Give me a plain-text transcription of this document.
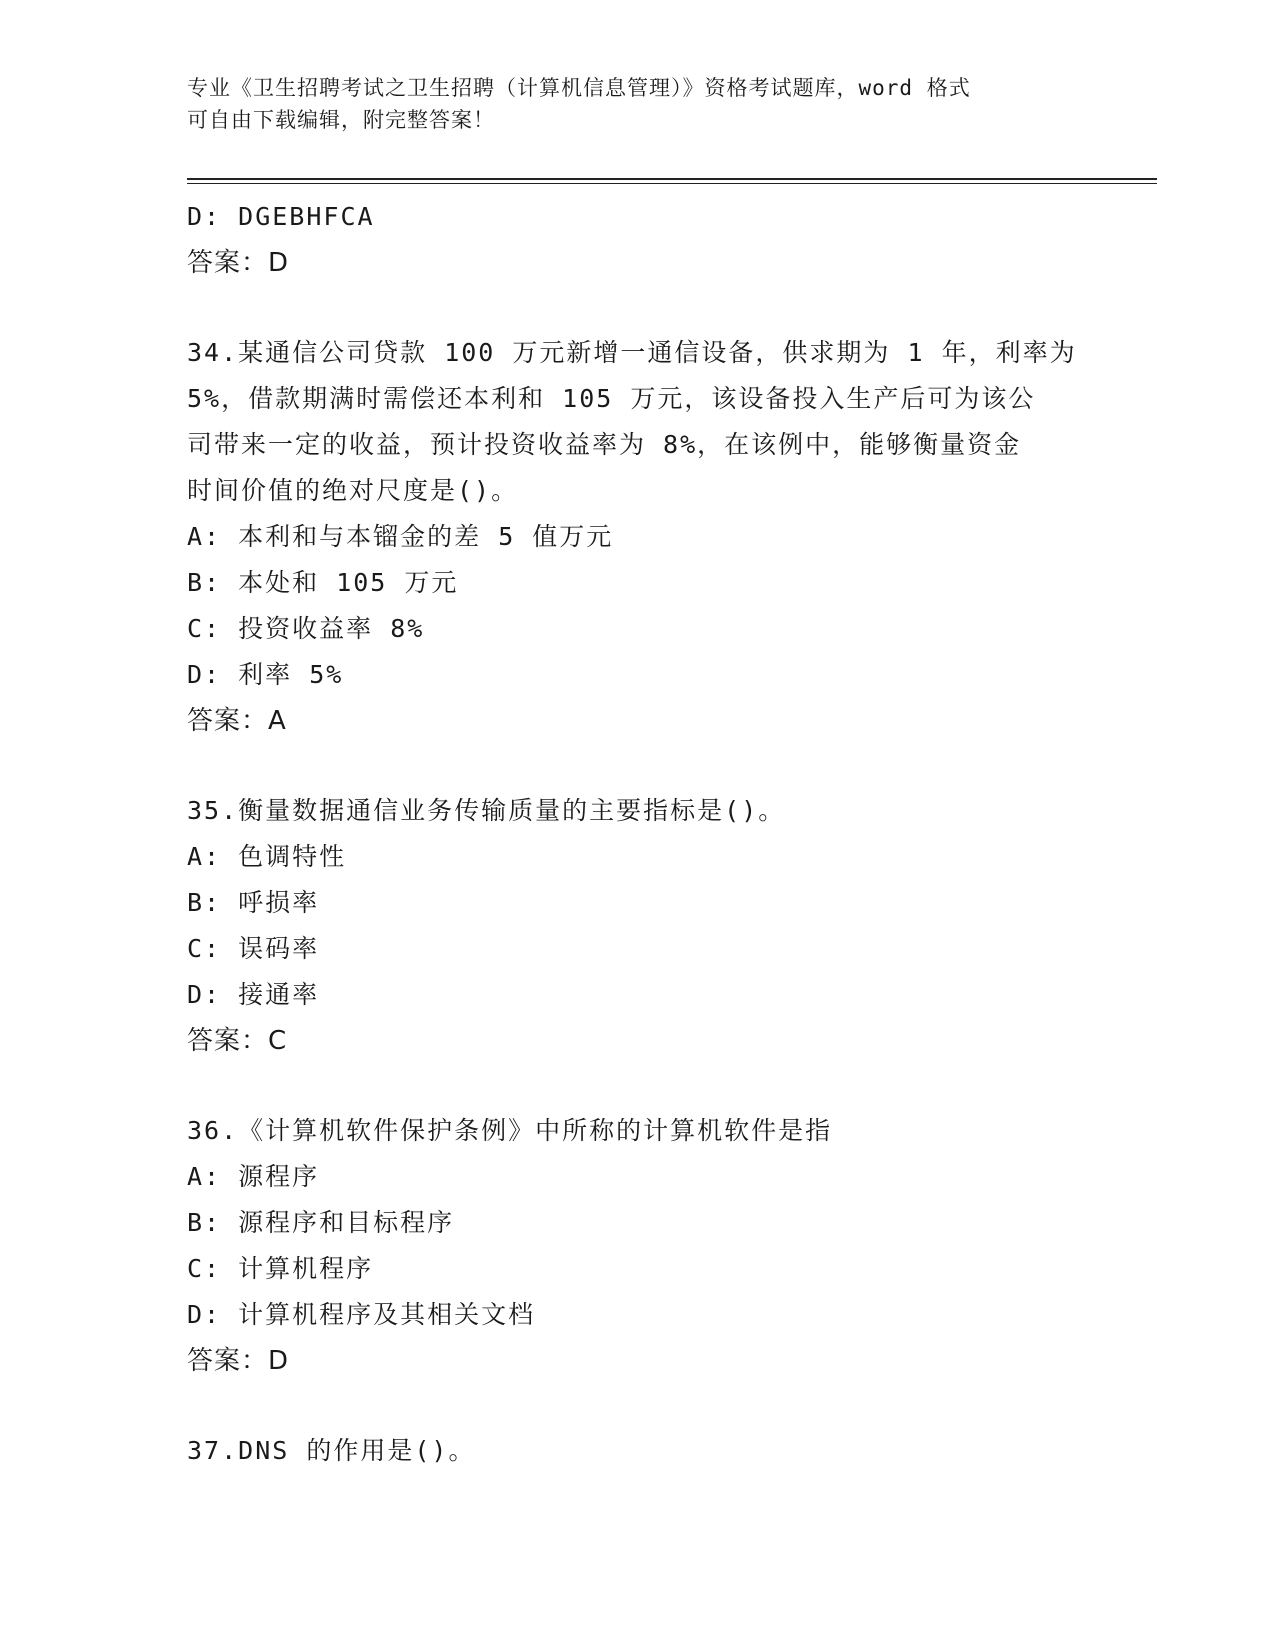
专业《卫生招聘考试之卫生招聘（计算机信息管理）》资格考试题库，word 格式
可自由下载编辑，附完整答案！
D: DGEBHFCA
答案：D
34.某通信公司贷款 100 万元新增一通信设备，供求期为 1 年，利率为
5%，借款期满时需偿还本利和 105 万元，该设备投入生产后可为该公
司带来一定的收益，预计投资收益率为 8%，在该例中，能够衡量资金
时间价值的绝对尺度是()。
A: 本利和与本镏金的差 5 值万元
B: 本处和 105 万元
C: 投资收益率 8%
D: 利率 5%
答案：A
35.衡量数据通信业务传输质量的主要指标是()。
A: 色调特性
B: 呼损率
C: 误码率
D: 接通率
答案：C
36.《计算机软件保护条例》中所称的计算机软件是指
A: 源程序
B: 源程序和目标程序
C: 计算机程序
D: 计算机程序及其相关文档
答案：D
37.DNS 的作用是()。
